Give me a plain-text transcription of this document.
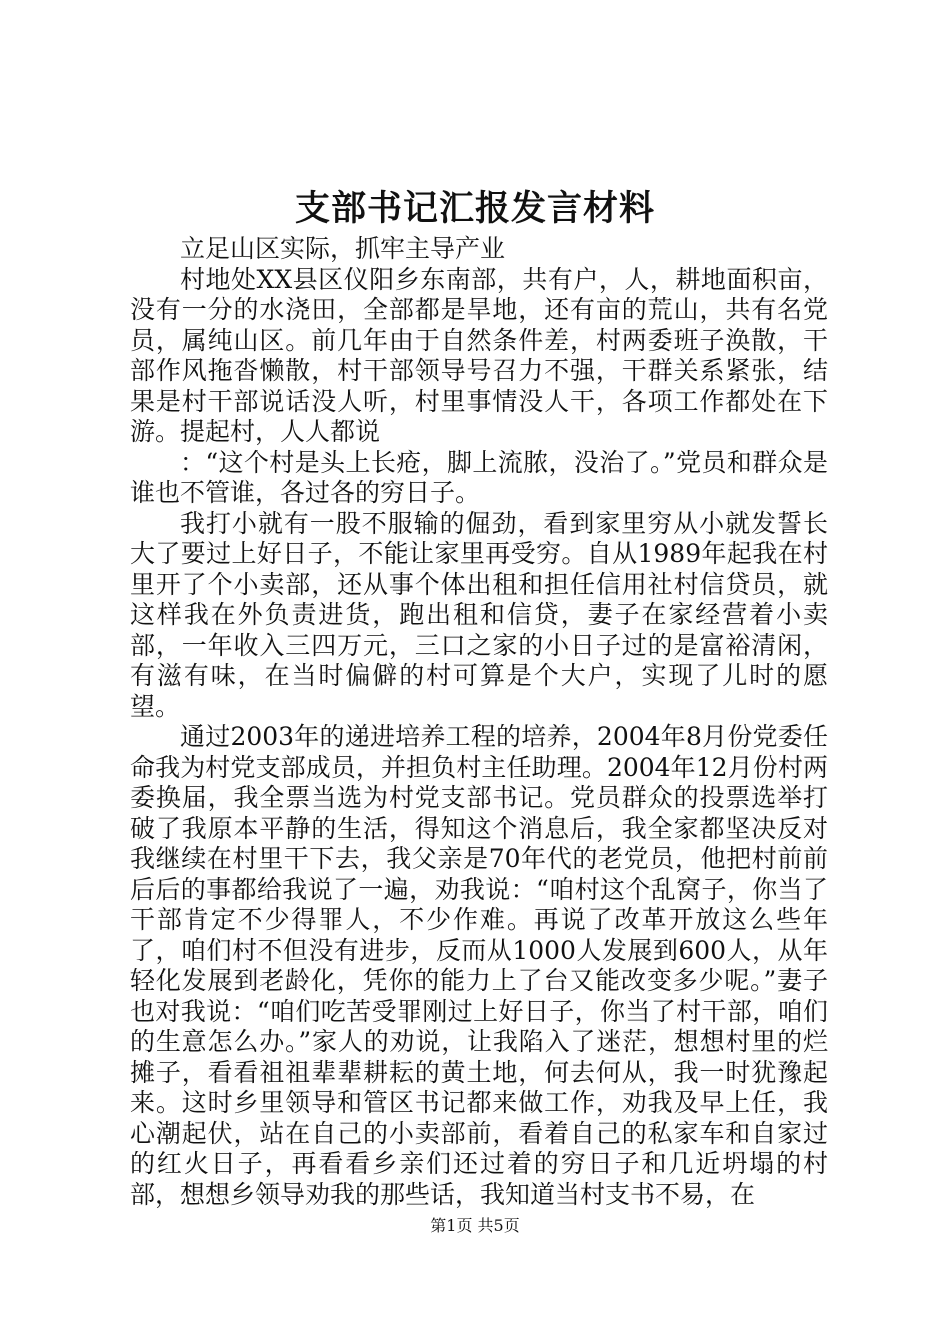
支部书记汇报发言材料

立足山区实际，抓牢主导产业

村地处XX县区仪阳乡东南部，共有户，人，耕地面积亩，没有一分的水浇田，全部都是旱地，还有亩的荒山，共有名党员，属纯山区。前几年由于自然条件差，村两委班子涣散，干部作风拖沓懒散，村干部领导号召力不强，干群关系紧张，结果是村干部说话没人听，村里事情没人干，各项工作都处在下游。提起村，人人都说

：“这个村是头上长疮，脚上流脓，没治了。”党员和群众是谁也不管谁，各过各的穷日子。

我打小就有一股不服输的倔劲，看到家里穷从小就发誓长大了要过上好日子，不能让家里再受穷。自从1989年起我在村里开了个小卖部，还从事个体出租和担任信用社村信贷员，就这样我在外负责进货，跑出租和信贷，妻子在家经营着小卖部，一年收入三四万元，三口之家的小日子过的是富裕清闲，有滋有味，在当时偏僻的村可算是个大户，实现了儿时的愿望。

通过2003年的递进培养工程的培养，2004年8月份党委任命我为村党支部成员，并担负村主任助理。2004年12月份村两委换届，我全票当选为村党支部书记。党员群众的投票选举打破了我原本平静的生活，得知这个消息后，我全家都坚决反对我继续在村里干下去，我父亲是70年代的老党员，他把村前前后后的事都给我说了一遍，劝我说：“咱村这个乱窝子，你当了干部肯定不少得罪人，不少作难。再说了改革开放这么些年了，咱们村不但没有进步，反而从1000人发展到600人，从年轻化发展到老龄化，凭你的能力上了台又能改变多少呢。”妻子也对我说：“咱们吃苦受罪刚过上好日子，你当了村干部，咱们的生意怎么办。”家人的劝说，让我陷入了迷茫，想想村里的烂摊子，看看祖祖辈辈耕耘的黄土地，何去何从，我一时犹豫起来。这时乡里领导和管区书记都来做工作，劝我及早上任，我心潮起伏，站在自己的小卖部前，看着自己的私家车和自家过的红火日子，再看看乡亲们还过着的穷日子和几近坍塌的村部，想想乡领导劝我的那些话，我知道当村支书不易，在

第1页 共5页
